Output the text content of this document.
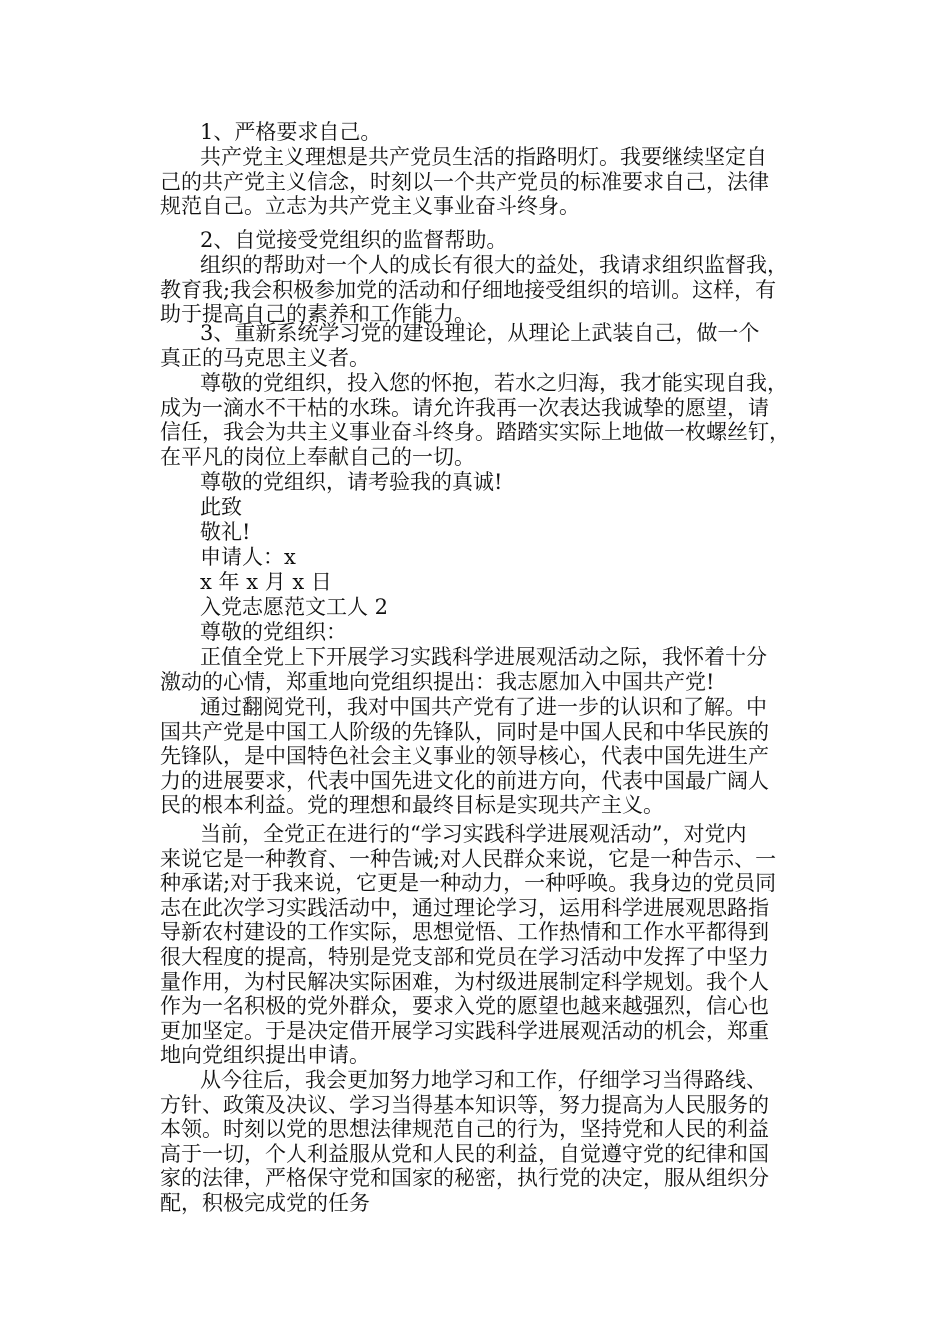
1、严格要求自己。
共产党主义理想是共产党员生活的指路明灯。我要继续坚定自
己的共产党主义信念，时刻以一个共产党员的标准要求自己，法律
规范自己。立志为共产党主义事业奋斗终身。
2、自觉接受党组织的监督帮助。
组织的帮助对一个人的成长有很大的益处，我请求组织监督我，
教育我;我会积极参加党的活动和仔细地接受组织的培训。这样，有
助于提高自己的素养和工作能力。
3、重新系统学习党的建设理论，从理论上武装自己，做一个
真正的马克思主义者。
尊敬的党组织，投入您的怀抱，若水之归海，我才能实现自我，
成为一滴水不干枯的水珠。请允许我再一次表达我诚挚的愿望，请
信任，我会为共主义事业奋斗终身。踏踏实实际上地做一枚螺丝钉，
在平凡的岗位上奉献自己的一切。
尊敬的党组织，请考验我的真诚!
此致
敬礼!
申请人：x
x 年 x 月 x 日
入党志愿范文工人 2
尊敬的党组织：
正值全党上下开展学习实践科学进展观活动之际，我怀着十分
激动的心情，郑重地向党组织提出：我志愿加入中国共产党!
通过翻阅党刊，我对中国共产党有了进一步的认识和了解。中
国共产党是中国工人阶级的先锋队，同时是中国人民和中华民族的
先锋队，是中国特色社会主义事业的领导核心，代表中国先进生产
力的进展要求，代表中国先进文化的前进方向，代表中国最广阔人
民的根本利益。党的理想和最终目标是实现共产主义。
当前，全党正在进行的“学习实践科学进展观活动”，对党内
来说它是一种教育、一种告诫;对人民群众来说，它是一种告示、一
种承诺;对于我来说，它更是一种动力，一种呼唤。我身边的党员同
志在此次学习实践活动中，通过理论学习，运用科学进展观思路指
导新农村建设的工作实际，思想觉悟、工作热情和工作水平都得到
很大程度的提高，特别是党支部和党员在学习活动中发挥了中坚力
量作用，为村民解决实际困难，为村级进展制定科学规划。我个人
作为一名积极的党外群众，要求入党的愿望也越来越强烈，信心也
更加坚定。于是决定借开展学习实践科学进展观活动的机会，郑重
地向党组织提出申请。
从今往后，我会更加努力地学习和工作，仔细学习当得路线、
方针、政策及决议、学习当得基本知识等，努力提高为人民服务的
本领。时刻以党的思想法律规范自己的行为，坚持党和人民的利益
高于一切，个人利益服从党和人民的利益，自觉遵守党的纪律和国
家的法律，严格保守党和国家的秘密，执行党的决定，服从组织分
配，积极完成党的任务
